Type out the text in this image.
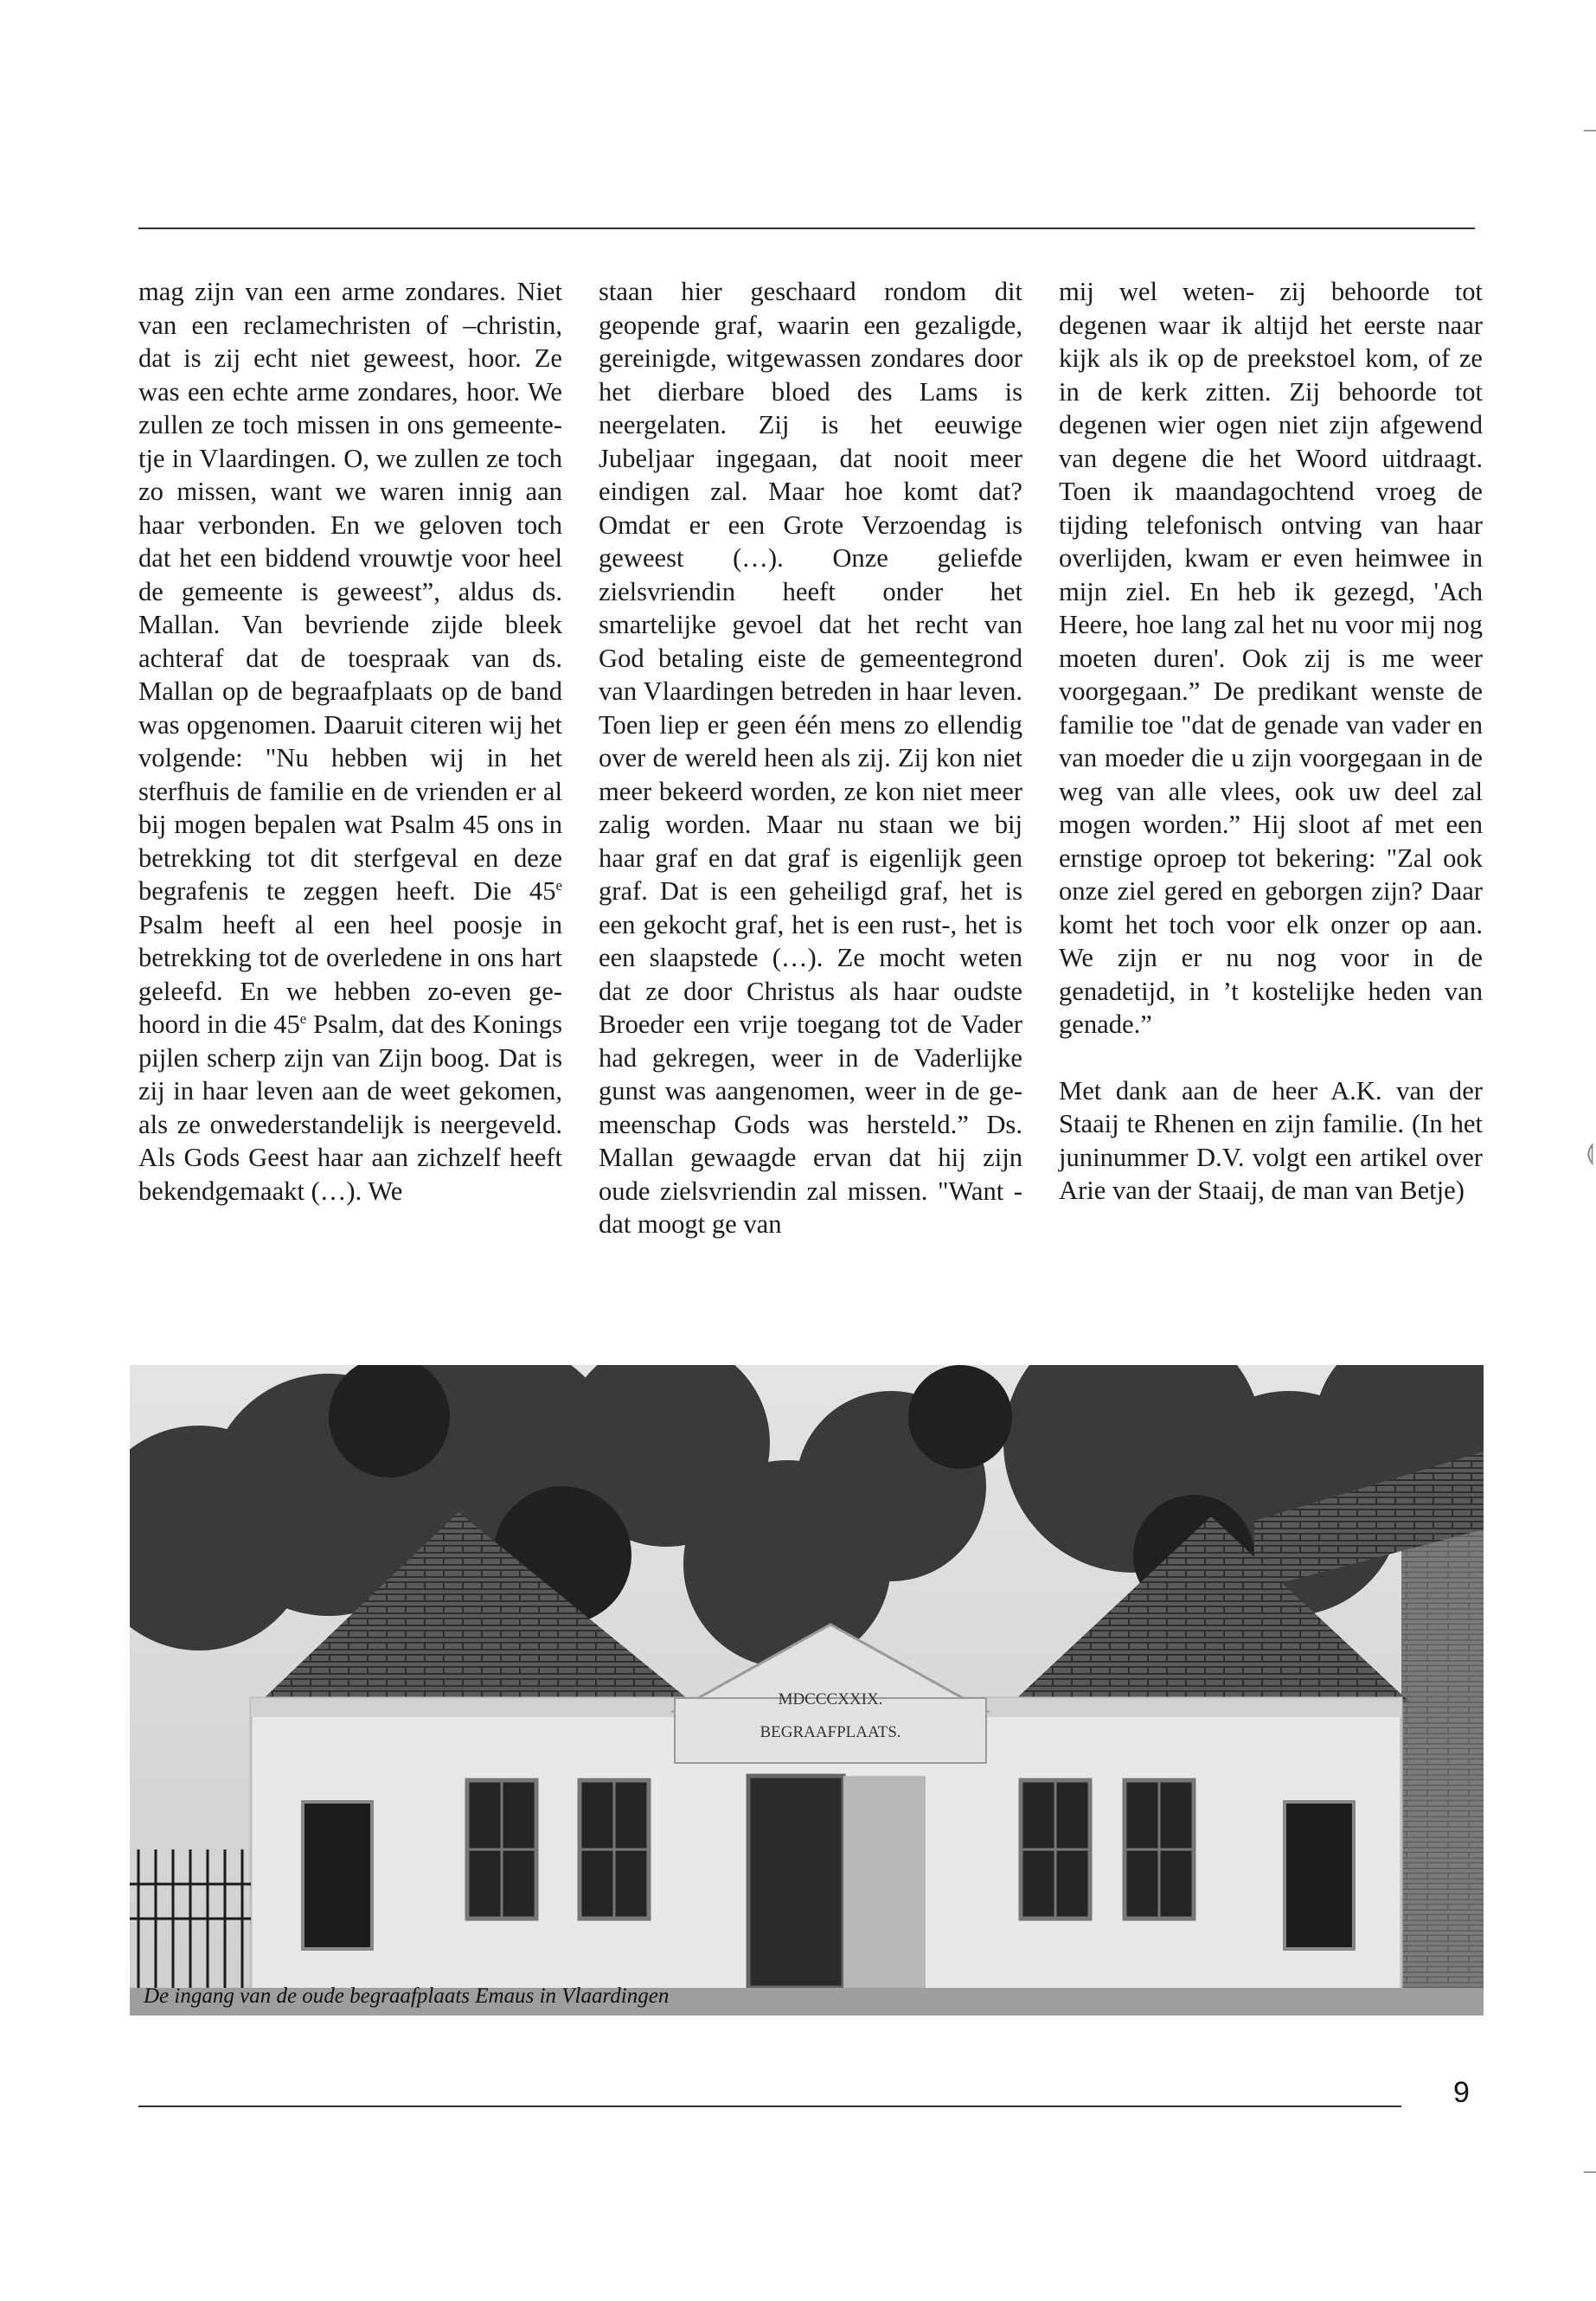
⟬

mag zijn van een arme zondares. Niet van een reclamechristen of –christin, dat is zij echt niet geweest, hoor. Ze was een echte arme zondares, hoor. We zullen ze toch missen in ons gemeentetje in Vlaardingen. O, we zullen ze toch zo missen, want we waren innig aan haar verbonden. En we geloven toch dat het een biddend vrouwtje voor heel de gemeente is geweest”, aldus ds. Mallan. Van bevriende zijde bleek achteraf dat de toespraak van ds. Mallan op de begraafplaats op de band was opgenomen. Daaruit citeren wij het volgende: "Nu hebben wij in het sterfhuis de familie en de vrienden er al bij mogen bepalen wat Psalm 45 ons in betrekking tot dit sterfgeval en deze begrafenis te zeggen heeft. Die 45e Psalm heeft al een heel poosje in betrekking tot de overledene in ons hart geleefd. En we hebben zo-even gehoord in die 45e Psalm, dat des Konings pijlen scherp zijn van Zijn boog. Dat is zij in haar leven aan de weet gekomen, als ze onwederstandelijk is neergeveld. Als Gods Geest haar aan zichzelf heeft bekendgemaakt (…). We

staan hier geschaard rondom dit geopende graf, waarin een gezaligde, gereinigde, witgewassen zondares door het dierbare bloed des Lams is neergelaten. Zij is het eeuwige Jubeljaar ingegaan, dat nooit meer eindigen zal. Maar hoe komt dat? Omdat er een Grote Verzoendag is geweest (…). Onze geliefde zielsvriendin heeft onder het smartelijke gevoel dat het recht van God betaling eiste de gemeentegrond van Vlaardingen betreden in haar leven. Toen liep er geen één mens zo ellendig over de wereld heen als zij. Zij kon niet meer bekeerd worden, ze kon niet meer zalig worden. Maar nu staan we bij haar graf en dat graf is eigenlijk geen graf. Dat is een geheiligd graf, het is een gekocht graf, het is een rust-, het is een slaapstede (…). Ze mocht weten dat ze door Christus als haar oudste Broeder een vrije toegang tot de Vader had gekregen, weer in de Vaderlijke gunst was aangenomen, weer in de gemeenschap Gods was hersteld.” Ds. Mallan gewaagde ervan dat hij zijn oude zielsvriendin zal missen. "Want -dat moogt ge van

mij wel weten- zij behoorde tot degenen waar ik altijd het eerste naar kijk als ik op de preekstoel kom, of ze in de kerk zitten. Zij behoorde tot degenen wier ogen niet zijn afgewend van degene die het Woord uitdraagt. Toen ik maandagochtend vroeg de tijding telefonisch ontving van haar overlijden, kwam er even heimwee in mijn ziel. En heb ik gezegd, 'Ach Heere, hoe lang zal het nu voor mij nog moeten duren'. Ook zij is me weer voorgegaan.” De predikant wenste de familie toe "dat de genade van vader en van moeder die u zijn voorgegaan in de weg van alle vlees, ook uw deel zal mogen worden.” Hij sloot af met een ernstige oproep tot bekering: "Zal ook onze ziel gered en geborgen zijn? Daar komt het toch voor elk onzer op aan. We zijn er nu nog voor in de genadetijd, in ’t kostelijke heden van genade.”

Met dank aan de heer A.K. van der Staaij te Rhenen en zijn familie. (In het juninummer D.V. volgt een artikel over Arie van der Staaij, de man van Betje)

MDCCCXXIX.
BEGRAAFPLAATS.
De ingang van de oude begraafplaats Emaus in Vlaardingen
9
